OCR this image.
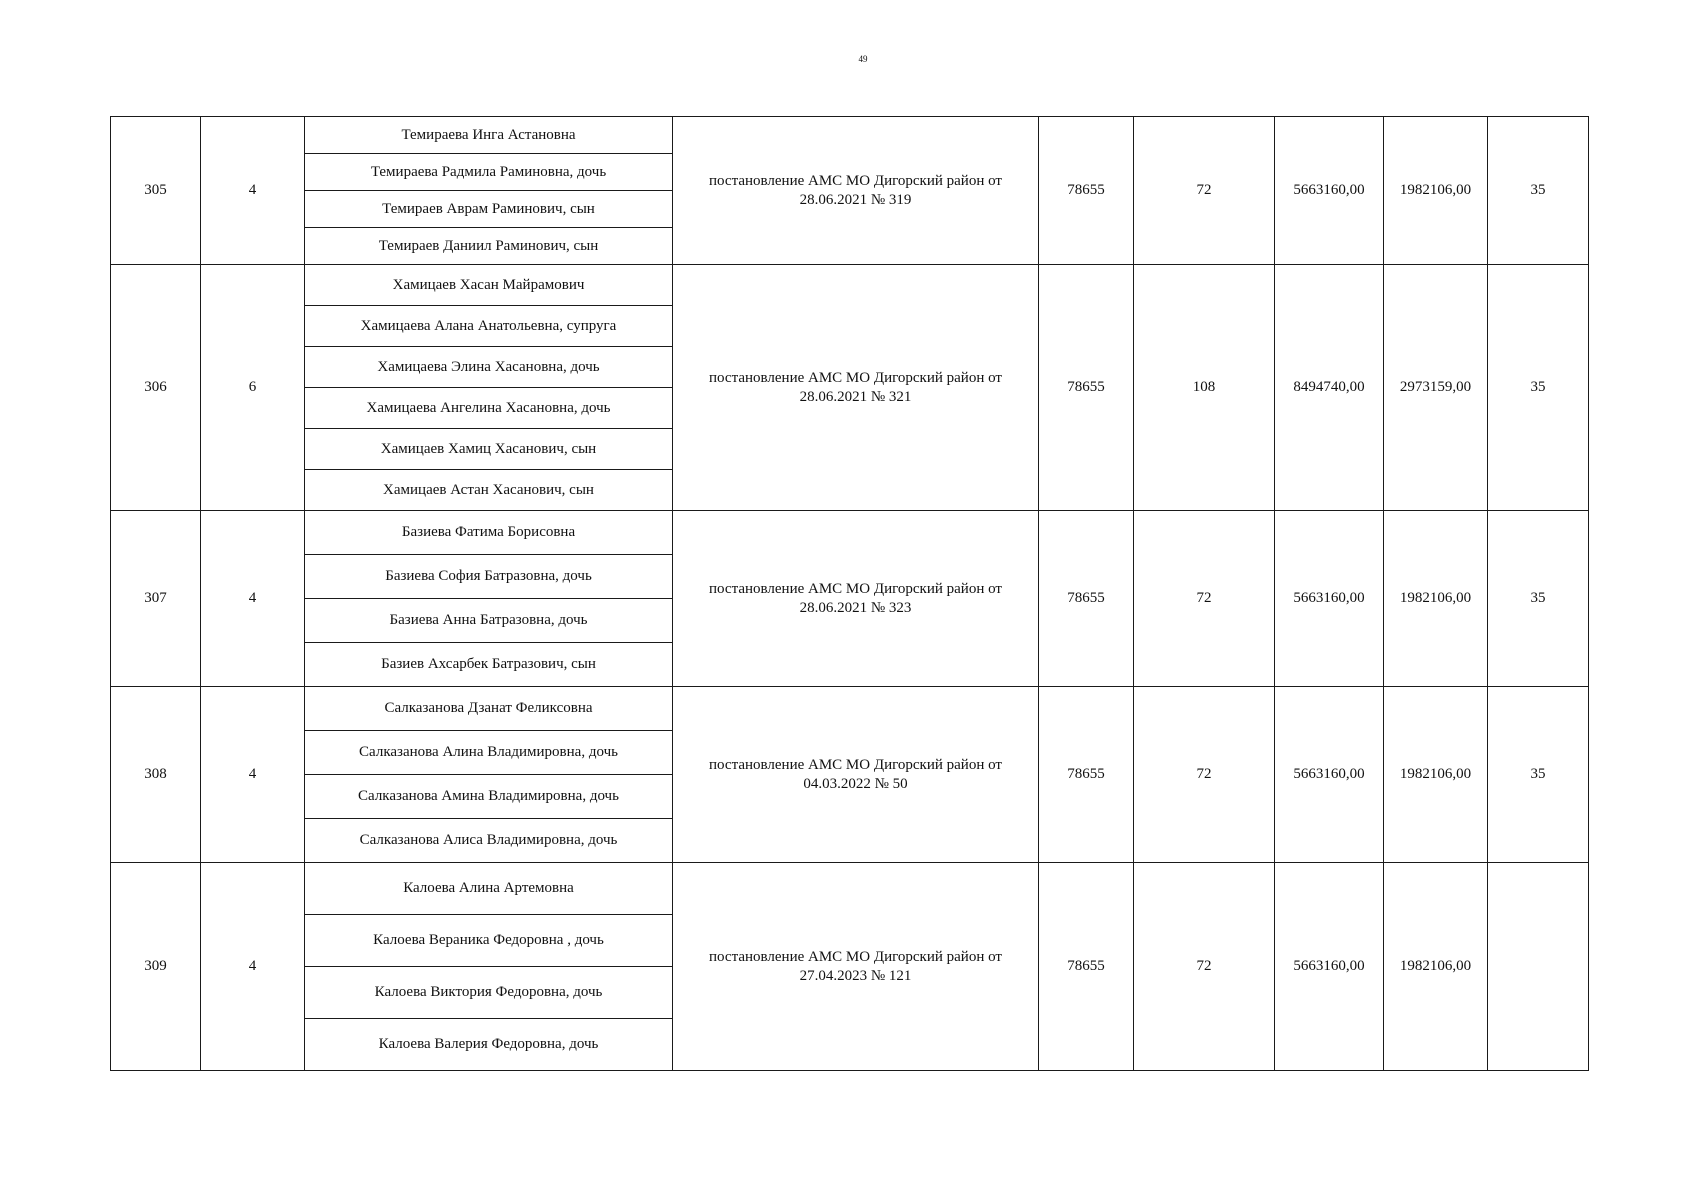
49
305	4	Темираева Инга Астановна	постановление АМС МО Дигорский район от 28.06.2021 № 319	78655	72	5663160,00	1982106,00	35
		Темираева Радмила Раминовна, дочь						
		Темираев Аврам Раминович, сын						
		Темираев Даниил Раминович, сын						
306	6	Хамицаев Хасан Майрамович	постановление АМС МО Дигорский район от 28.06.2021 № 321	78655	108	8494740,00	2973159,00	35
		Хамицаева Алана Анатольевна, супруга						
		Хамицаева Элина Хасановна, дочь						
		Хамицаева Ангелина Хасановна, дочь						
		Хамицаев Хамиц Хасанович, сын						
		Хамицаев Астан Хасанович, сын						
307	4	Базиева Фатима Борисовна	постановление АМС МО Дигорский район от 28.06.2021 № 323	78655	72	5663160,00	1982106,00	35
		Базиева София Батразовна, дочь						
		Базиева Анна Батразовна, дочь						
		Базиев Ахсарбек Батразович, сын						
308	4	Салказанова Дзанат Феликсовна	постановление АМС МО Дигорский район от 04.03.2022 № 50	78655	72	5663160,00	1982106,00	35
		Салказанова Алина Владимировна, дочь						
		Салказанова Амина Владимировна, дочь						
		Салказанова Алиса Владимировна, дочь						
309	4	Калоева Алина Артемовна	постановление АМС МО Дигорский район от 27.04.2023 № 121	78655	72	5663160,00	1982106,00	
		Калоева Вераника Федоровна , дочь						
		Калоева Виктория Федоровна, дочь						
		Калоева Валерия Федоровна, дочь						
